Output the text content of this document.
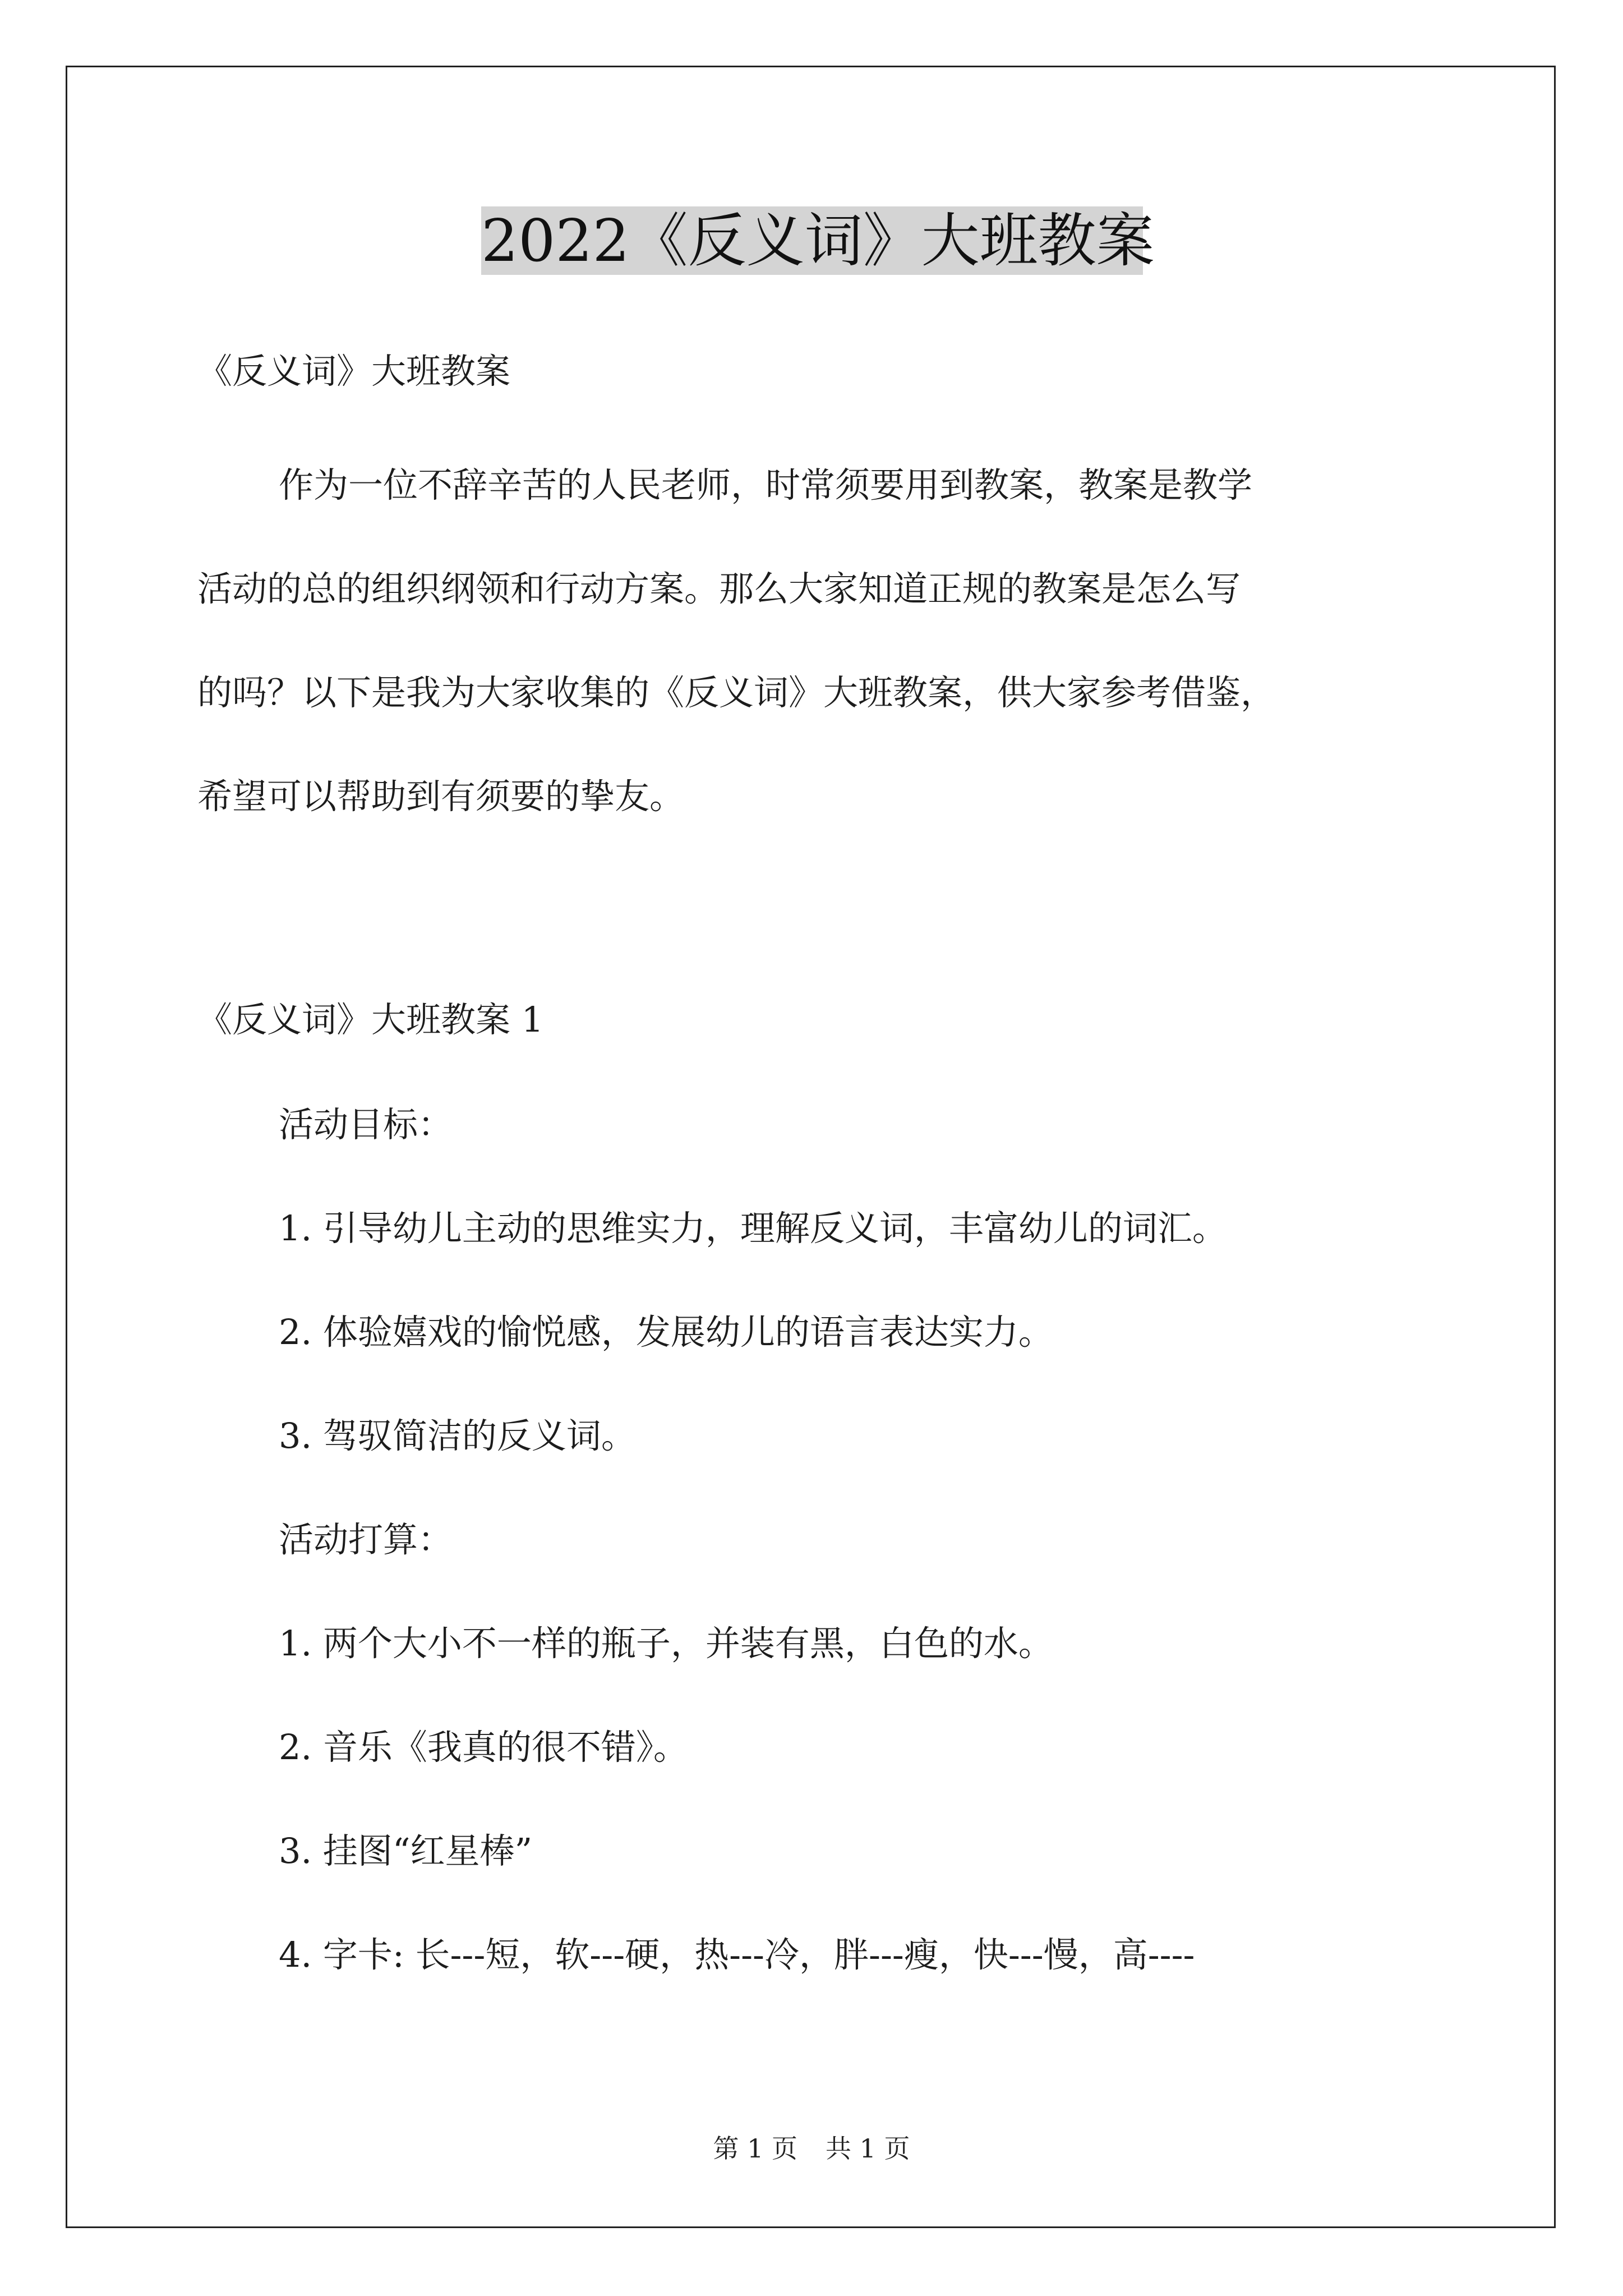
2022《反义词》大班教案
《反义词》大班教案
作为一位不辞辛苦的人民老师，时常须要用到教案，教案是教学
活动的总的组织纲领和行动方案。那么大家知道正规的教案是怎么写
的吗？以下是我为大家收集的《反义词》大班教案，供大家参考借鉴，
希望可以帮助到有须要的挚友。
《反义词》大班教案 1
活动目标：
1. 引导幼儿主动的思维实力，理解反义词，丰富幼儿的词汇。
2. 体验嬉戏的愉悦感，发展幼儿的语言表达实力。
3. 驾驭简洁的反义词。
活动打算：
1. 两个大小不一样的瓶子，并装有黑，白色的水。
2. 音乐《我真的很不错》。
3. 挂图“红星棒”
4. 字卡: 长---短，软---硬，热---冷，胖---瘦，快---慢，高----
第 1 页 共 1 页
